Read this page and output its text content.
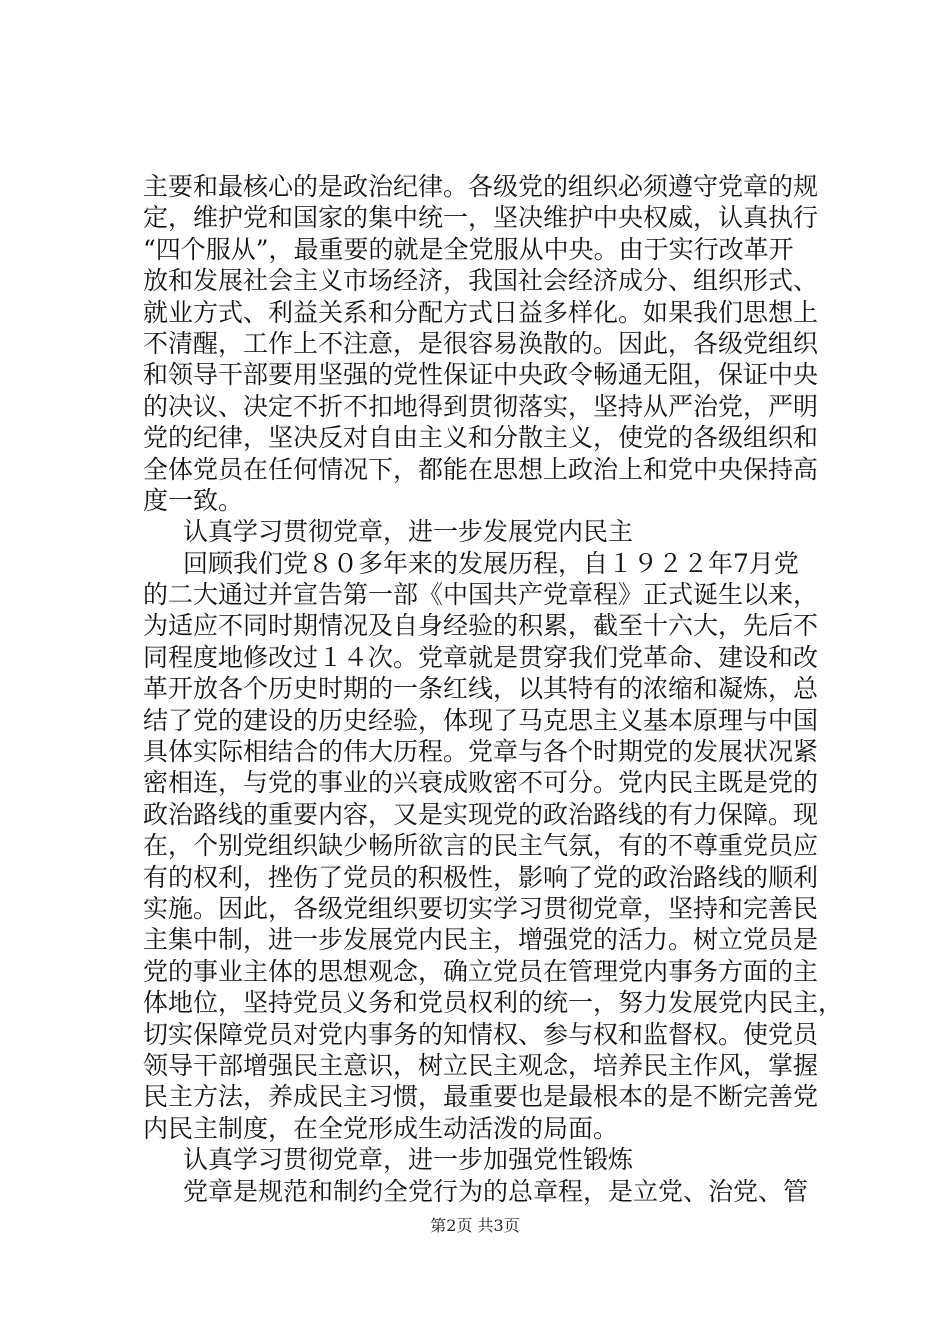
主要和最核心的是政治纪律。各级党的组织必须遵守党章的规
定，维护党和国家的集中统一，坚决维护中央权威，认真执行
“四个服从”，最重要的就是全党服从中央。由于实行改革开
放和发展社会主义市场经济，我国社会经济成分、组织形式、
就业方式、利益关系和分配方式日益多样化。如果我们思想上
不清醒，工作上不注意，是很容易涣散的。因此，各级党组织
和领导干部要用坚强的党性保证中央政令畅通无阻，保证中央
的决议、决定不折不扣地得到贯彻落实，坚持从严治党，严明
党的纪律，坚决反对自由主义和分散主义，使党的各级组织和
全体党员在任何情况下，都能在思想上政治上和党中央保持高
度一致。
认真学习贯彻党章，进一步发展党内民主
回顾我们党８０多年来的发展历程，自１９２２年7月党
的二大通过并宣告第一部《中国共产党章程》正式诞生以来，
为适应不同时期情况及自身经验的积累，截至十六大，先后不
同程度地修改过１４次。党章就是贯穿我们党革命、建设和改
革开放各个历史时期的一条红线，以其特有的浓缩和凝炼，总
结了党的建设的历史经验，体现了马克思主义基本原理与中国
具体实际相结合的伟大历程。党章与各个时期党的发展状况紧
密相连，与党的事业的兴衰成败密不可分。党内民主既是党的
政治路线的重要内容，又是实现党的政治路线的有力保障。现
在，个别党组织缺少畅所欲言的民主气氛，有的不尊重党员应
有的权利，挫伤了党员的积极性，影响了党的政治路线的顺利
实施。因此，各级党组织要切实学习贯彻党章，坚持和完善民
主集中制，进一步发展党内民主，增强党的活力。树立党员是
党的事业主体的思想观念，确立党员在管理党内事务方面的主
体地位，坚持党员义务和党员权利的统一，努力发展党内民主，
切实保障党员对党内事务的知情权、参与权和监督权。使党员
领导干部增强民主意识，树立民主观念，培养民主作风，掌握
民主方法，养成民主习惯，最重要也是最根本的是不断完善党
内民主制度，在全党形成生动活泼的局面。
认真学习贯彻党章，进一步加强党性锻炼
党章是规范和制约全党行为的总章程，是立党、治党、管
第2页 共3页
